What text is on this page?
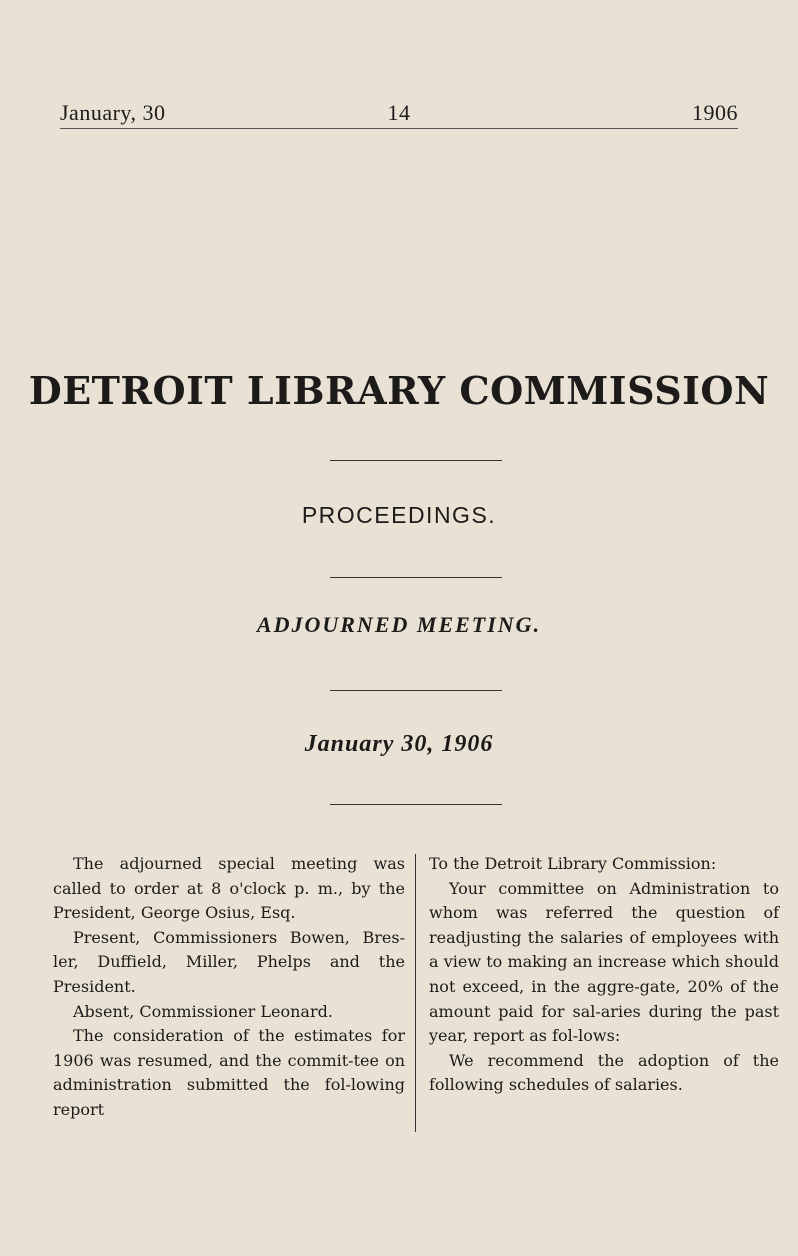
January, 30	14	1906
DETROIT LIBRARY COMMISSION
PROCEEDINGS.
ADJOURNED MEETING.
January 30, 1906

The adjourned special meeting was called to order at 8 o'clock p. m., by the President, George Osius, Esq.

Present, Commissioners Bowen, Bres-ler, Duffield, Miller, Phelps and the President.

Absent, Commissioner Leonard.

The consideration of the estimates for 1906 was resumed, and the commit-tee on administration submitted the fol-lowing report

To the Detroit Library Commission:

Your committee on Administration to whom was referred the question of readjusting the salaries of employees with a view to making an increase which should not exceed, in the aggre-gate, 20% of the amount paid for sal-aries during the past year, report as fol-lows:

We recommend the adoption of the following schedules of salaries.
